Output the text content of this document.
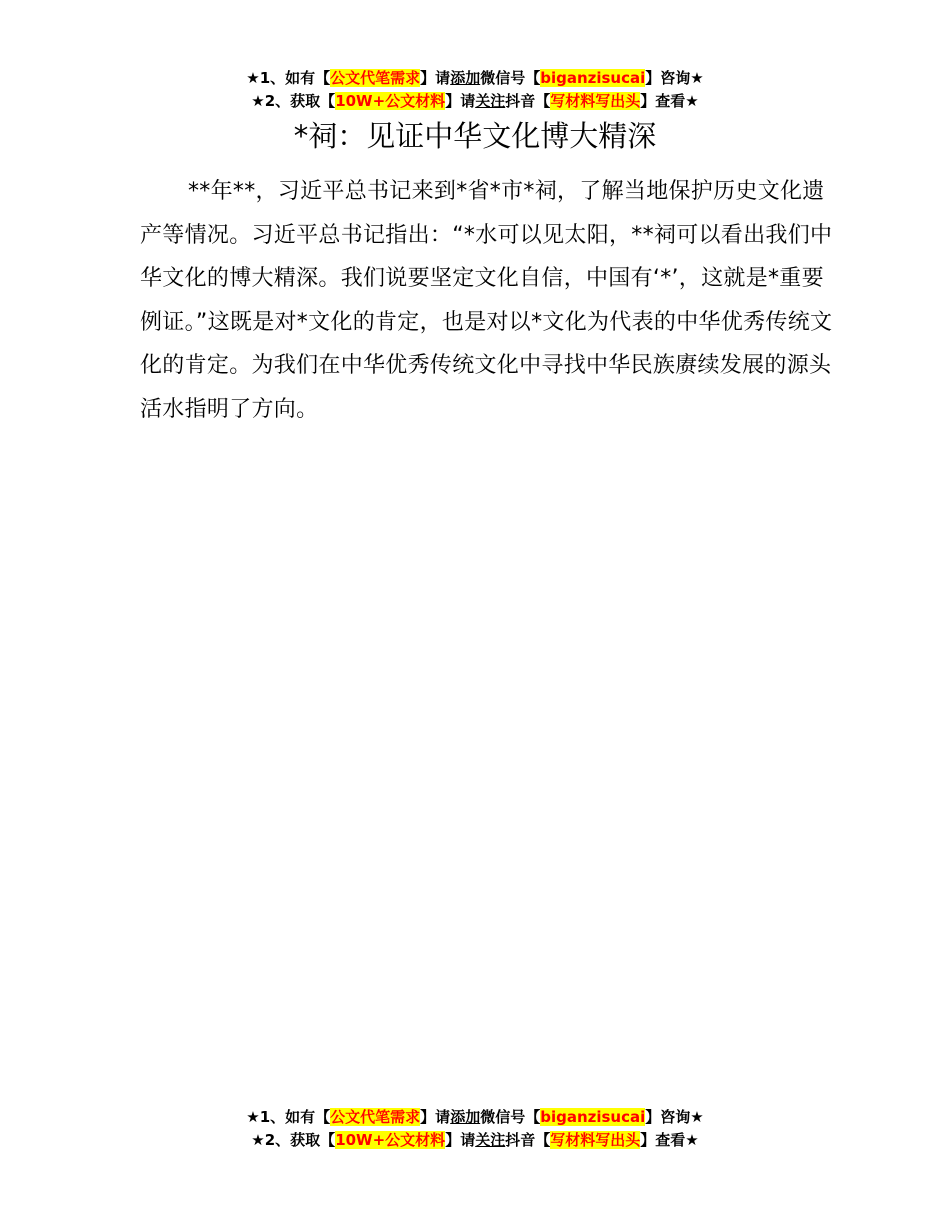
★1、如有【公文代笔需求】请添加微信号【biganzisucai】咨询★
★2、获取【10W+公文材料】请关注抖音【写材料写出头】查看★
*祠：见证中华文化博大精深

**年**，习近平总书记来到*省*市*祠，了解当地保护历史文化遗产等情况。习近平总书记指出：“*水可以见太阳，**祠可以看出我们中华文化的博大精深。我们说要坚定文化自信，中国有‘*’，这就是*重要例证。”这既是对*文化的肯定，也是对以*文化为代表的中华优秀传统文化的肯定。为我们在中华优秀传统文化中寻找中华民族赓续发展的源头活水指明了方向。

★1、如有【公文代笔需求】请添加微信号【biganzisucai】咨询★
★2、获取【10W+公文材料】请关注抖音【写材料写出头】查看★
